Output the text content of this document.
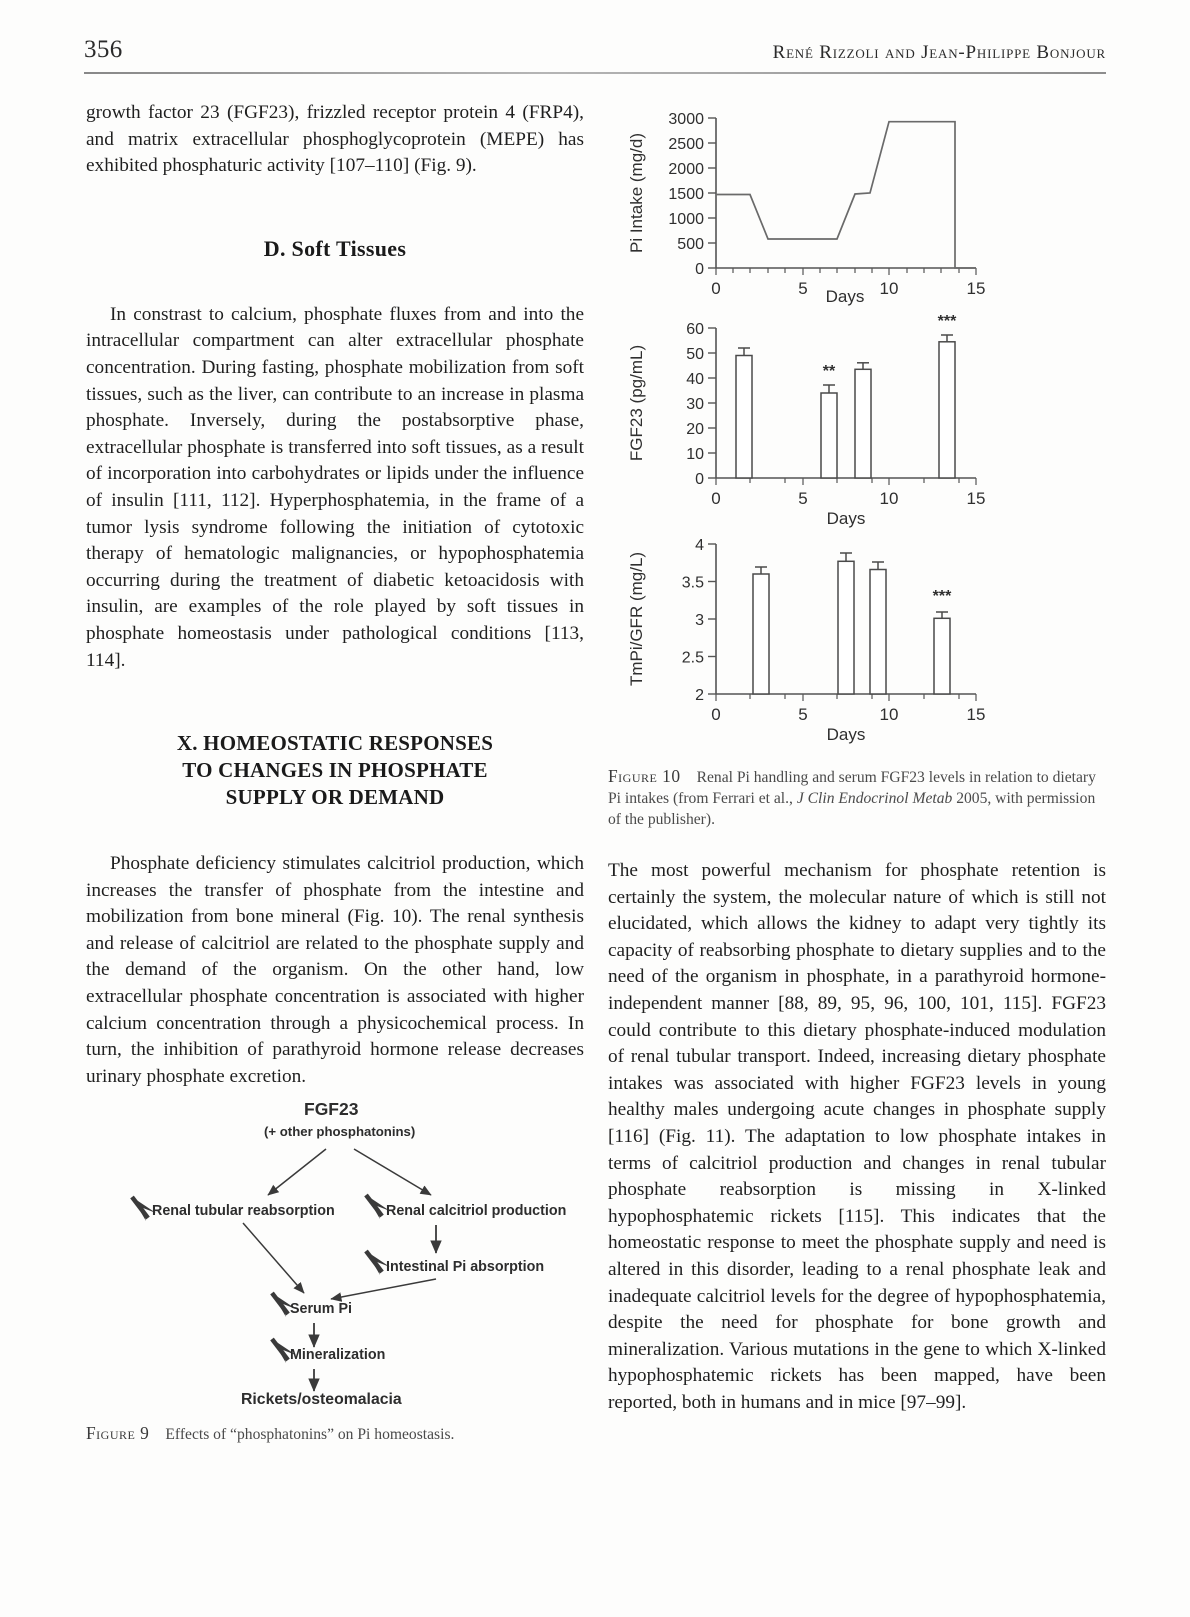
356	René Rizzoli and Jean-Philippe Bonjour

growth factor 23 (FGF23), frizzled receptor protein 4 (FRP4), and matrix extracellular phosphoglycoprotein (MEPE) has exhibited phosphaturic activity [107–110] (Fig. 9).

D. Soft Tissues

In constrast to calcium, phosphate fluxes from and into the intracellular compartment can alter extracellular phosphate concentration. During fasting, phosphate mobilization from soft tissues, such as the liver, can contribute to an increase in plasma phosphate. Inversely, during the postabsorptive phase, extracellular phosphate is transferred into soft tissues, as a result of incorporation into carbohydrates or lipids under the influence of insulin [111, 112]. Hyperphosphatemia, in the frame of a tumor lysis syndrome following the initiation of cytotoxic therapy of hematologic malignancies, or hypophosphatemia occurring during the treatment of diabetic ketoacidosis with insulin, are examples of the role played by soft tissues in phosphate homeostasis under pathological conditions [113, 114].

X. HOMEOSTATIC RESPONSES
TO CHANGES IN PHOSPHATE
SUPPLY OR DEMAND

Phosphate deficiency stimulates calcitriol production, which increases the transfer of phosphate from the intestine and mobilization from bone mineral (Fig. 10). The renal synthesis and release of calcitriol are related to the phosphate supply and the demand of the organism. On the other hand, low extracellular phosphate concentration is associated with higher calcium concentration through a physicochemical process. In turn, the inhibition of parathyroid hormone release decreases urinary phosphate excretion.

FGF23
(+ other phosphatonins)
Renal tubular reabsorption	Renal calcitriol production
Intestinal Pi absorption
Serum Pi
Mineralization
Rickets/osteomalacia
Figure 9 Effects of “phosphatonins” on Pi homeostasis.
3000
2500
2000
1500
1000
500
0
0	5	10	15
Days
Pi Intake (mg/d)
60
50
40
30
20
10
0
0	5	10	15
Days
FGF23 (pg/mL)	**
***
4
3.5
3
2.5
2
0	5	10	15
Days
TmPi/GFR (mg/L)	***
Figure 10 Renal Pi handling and serum FGF23 levels in relation to dietary Pi intakes (from Ferrari et al., J Clin Endocrinol Metab 2005, with permission of the publisher).

The most powerful mechanism for phosphate retention is certainly the system, the molecular nature of which is still not elucidated, which allows the kidney to adapt very tightly its capacity of reabsorbing phosphate to dietary supplies and to the need of the organism in phosphate, in a parathyroid hormone-independent manner [88, 89, 95, 96, 100, 101, 115]. FGF23 could contribute to this dietary phosphate-induced modulation of renal tubular transport. Indeed, increasing dietary phosphate intakes was associated with higher FGF23 levels in young healthy males undergoing acute changes in phosphate supply [116] (Fig. 11). The adaptation to low phosphate intakes in terms of calcitriol production and changes in renal tubular phosphate reabsorption is missing in X-linked hypophosphatemic rickets [115]. This indicates that the homeostatic response to meet the phosphate supply and need is altered in this disorder, leading to a renal phosphate leak and inadequate calcitriol levels for the degree of hypophosphatemia, despite the need for phosphate for bone growth and mineralization. Various mutations in the gene to which X-linked hypophosphatemic rickets has been mapped, have been reported, both in humans and in mice [97–99].
